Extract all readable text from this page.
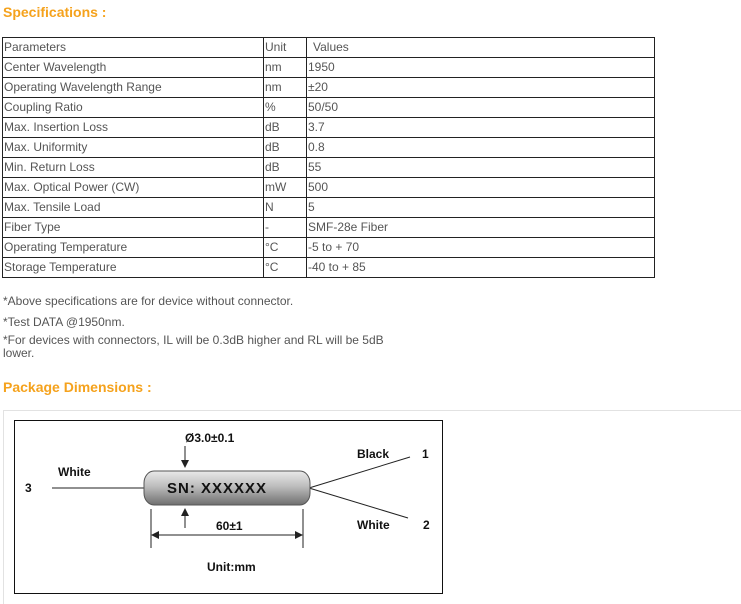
Specifications :
Parameters	Unit	Values
Center Wavelength	nm	1950
Operating Wavelength Range	nm	±20
Coupling Ratio	%	50/50
Max. Insertion Loss	dB	3.7
Max. Uniformity	dB	0.8
Min. Return Loss	dB	55
Max. Optical Power (CW)	mW	500
Max. Tensile Load	N	5
Fiber Type	-	SMF-28e Fiber
Operating Temperature	°C	-5 to + 70
Storage Temperature	°C	-40 to + 85

*Above specifications are for device without connector.

*Test DATA @1950nm.

*For devices with connectors, IL will be 0.3dB higher and RL will be 5dB lower.

Package Dimensions :
SN: XXXXXX
Ø3.0±0.1
60±1
Unit:mm
White
Black
White
3
1
2
